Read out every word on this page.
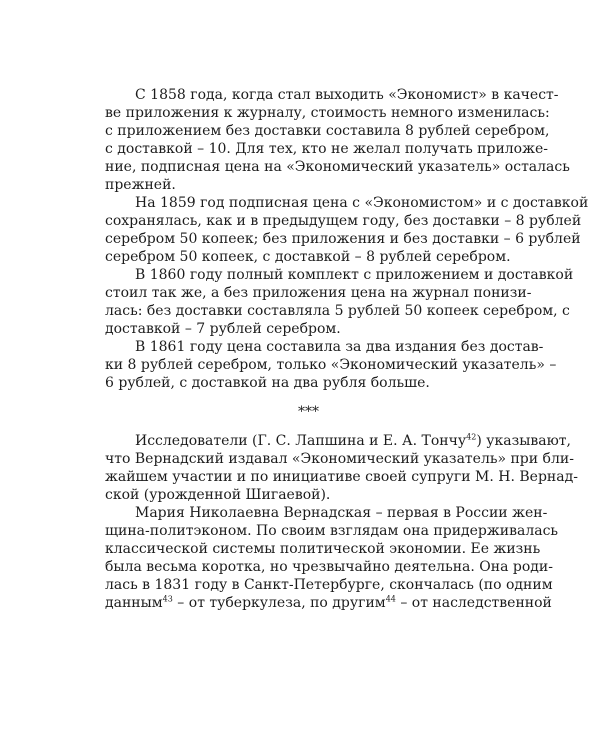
С 1858 года, когда стал выходить «Экономист» в качест-
ве приложения к журналу, стоимость немного изменилась:
с приложением без доставки составила 8 рублей серебром,
с доставкой – 10. Для тех, кто не желал получать приложе-
ние, подписная цена на «Экономический указатель» осталась
прежней.
На 1859 год подписная цена с «Экономистом» и с доставкой
сохранялась, как и в предыдущем году, без доставки – 8 рублей
серебром 50 копеек; без приложения и без доставки – 6 рублей
серебром 50 копеек, с доставкой – 8 рублей серебром.
В 1860 году полный комплект с приложением и доставкой
стоил так же, а без приложения цена на журнал понизи-
лась: без доставки составляла 5 рублей 50 копеек серебром, с
доставкой – 7 рублей серебром.
В 1861 году цена составила за два издания без достав-
ки 8 рублей серебром, только «Экономический указатель» –
6 рублей, с доставкой на два рубля больше.
***
Исследователи (Г. С. Лапшина и Е. А. Тончу$^{42}$) указывают,
что Вернадский издавал «Экономический указатель» при бли-
жайшем участии и по инициативе своей супруги М. Н. Вернад-
ской (урожденной Шигаевой).
Мария Николаевна Вернадская – первая в России жен-
щина-политэконом. По своим взглядам она придерживалась
классической системы политической экономии. Ее жизнь
была весьма коротка, но чрезвычайно деятельна. Она роди-
лась в 1831 году в Санкт-Петербурге, скончалась (по одним
данным$^{43}$ – от туберкулеза, по другим$^{44}$ – от наследственной
